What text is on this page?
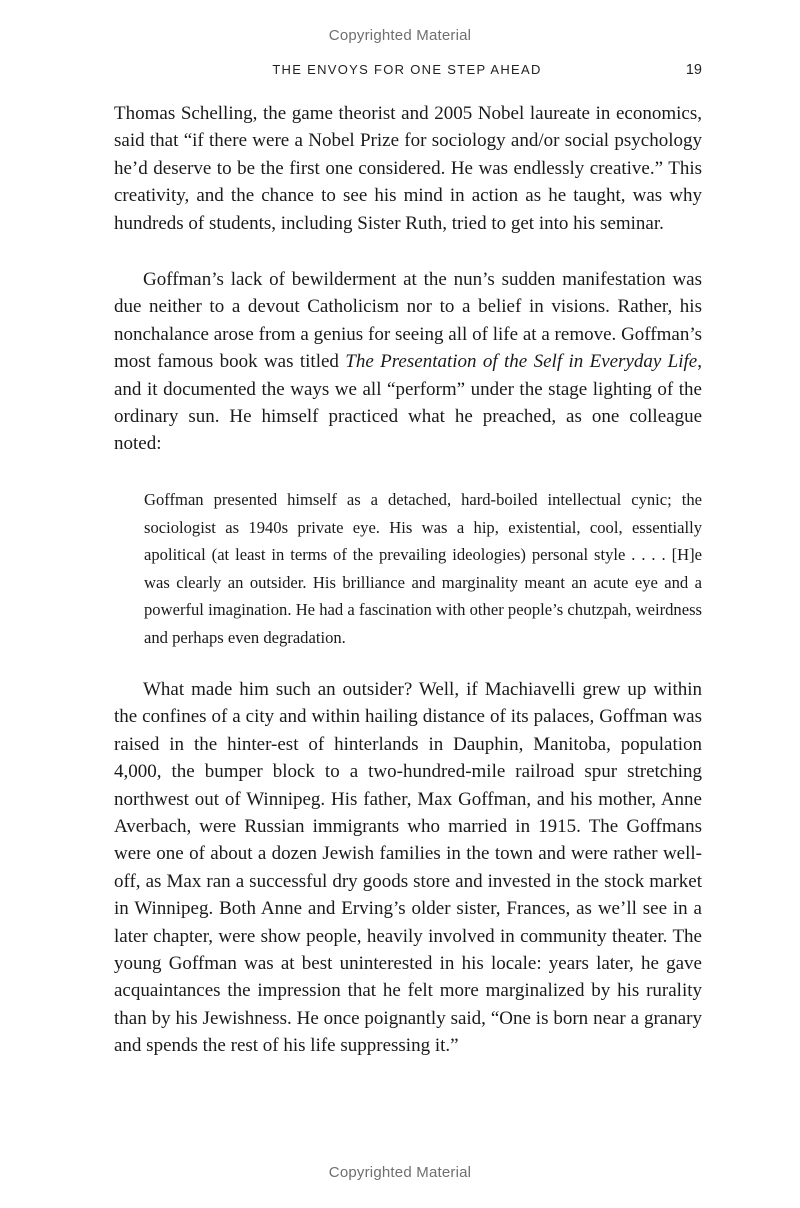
Copyrighted Material
THE ENVOYS FOR ONE STEP AHEAD	19

Thomas Schelling, the game theorist and 2005 Nobel laureate in economics, said that “if there were a Nobel Prize for sociology and/or social psychology he’d deserve to be the first one considered. He was endlessly creative.” This creativity, and the chance to see his mind in action as he taught, was why hundreds of students, including Sister Ruth, tried to get into his seminar.

Goffman’s lack of bewilderment at the nun’s sudden manifestation was due neither to a devout Catholicism nor to a belief in visions. Rather, his nonchalance arose from a genius for seeing all of life at a remove. Goffman’s most famous book was titled The Presentation of the Self in Everyday Life, and it documented the ways we all “perform” under the stage lighting of the ordinary sun. He himself practiced what he preached, as one colleague noted:

Goffman presented himself as a detached, hard-boiled intellectual cynic; the sociologist as 1940s private eye. His was a hip, existential, cool, essentially apolitical (at least in terms of the prevailing ideologies) personal style . . . . [H]e was clearly an outsider. His brilliance and marginality meant an acute eye and a powerful imagination. He had a fascination with other people’s chutzpah, weirdness and perhaps even degradation.

What made him such an outsider? Well, if Machiavelli grew up within the confines of a city and within hailing distance of its palaces, Goffman was raised in the hinter-est of hinterlands in Dauphin, Manitoba, population 4,000, the bumper block to a two-hundred-mile railroad spur stretching northwest out of Winnipeg. His father, Max Goffman, and his mother, Anne Averbach, were Russian immigrants who married in 1915. The Goffmans were one of about a dozen Jewish families in the town and were rather well-off, as Max ran a successful dry goods store and invested in the stock market in Winnipeg. Both Anne and Erving’s older sister, Frances, as we’ll see in a later chapter, were show people, heavily involved in community theater. The young Goffman was at best uninterested in his locale: years later, he gave acquaintances the impression that he felt more marginalized by his rurality than by his Jewishness. He once poignantly said, “One is born near a granary and spends the rest of his life suppressing it.”

Copyrighted Material
